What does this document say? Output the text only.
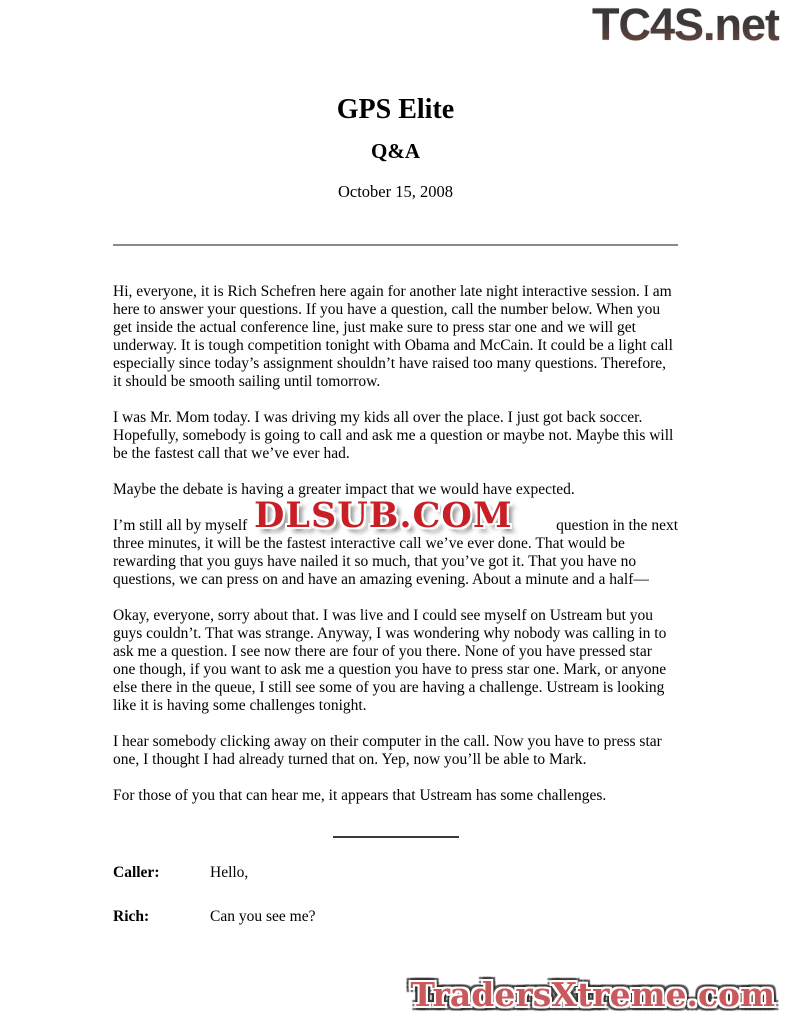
TC4S.net
GPS Elite
Q&A
October 15, 2008

Hi, everyone, it is Rich Schefren here again for another late night interactive session. I am here to answer your questions. If you have a question, call the number below. When you get inside the actual conference line, just make sure to press star one and we will get underway. It is tough competition tonight with Obama and McCain. It could be a light call especially since today’s assignment shouldn’t have raised too many questions. Therefore, it should be smooth sailing until tomorrow.

I was Mr. Mom today. I was driving my kids all over the place. I just got back soccer. Hopefully, somebody is going to call and ask me a question or maybe not. Maybe this will be the fastest call that we’ve ever had.

Maybe the debate is having a greater impact that we would have expected.

I’m still all by myself	question in the next
DLSUB.COM
three minutes, it will be the fastest interactive call we’ve ever done. That would be rewarding that you guys have nailed it so much, that you’ve got it. That you have no questions, we can press on and have an amazing evening. About a minute and a half—

Okay, everyone, sorry about that. I was live and I could see myself on Ustream but you guys couldn’t. That was strange. Anyway, I was wondering why nobody was calling in to ask me a question. I see now there are four of you there. None of you have pressed star one though, if you want to ask me a question you have to press star one. Mark, or anyone else there in the queue, I still see some of you are having a challenge. Ustream is looking like it is having some challenges tonight.

I hear somebody clicking away on their computer in the call. Now you have to press star one, I thought I had already turned that on. Yep, now you’ll be able to Mark.

For those of you that can hear me, it appears that Ustream has some challenges.

Caller:	Hello,
Rich:	Can you see me?
TradersXtreme.com
